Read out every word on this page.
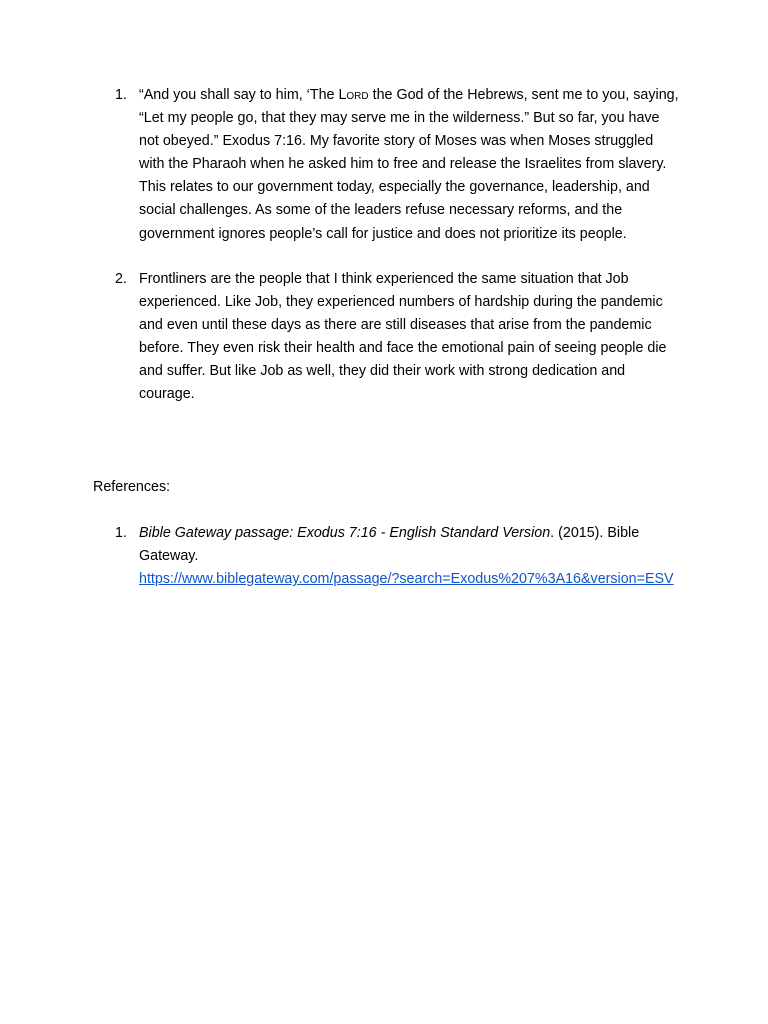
1. “And you shall say to him, ‘The Lord the God of the Hebrews, sent me to you, saying, “Let my people go, that they may serve me in the wilderness.” But so far, you have not obeyed.” Exodus 7:16. My favorite story of Moses was when Moses struggled with the Pharaoh when he asked him to free and release the Israelites from slavery. This relates to our government today, especially the governance, leadership, and social challenges. As some of the leaders refuse necessary reforms, and the government ignores people’s call for justice and does not prioritize its people.
2. Frontliners are the people that I think experienced the same situation that Job experienced. Like Job, they experienced numbers of hardship during the pandemic and even until these days as there are still diseases that arise from the pandemic before. They even risk their health and face the emotional pain of seeing people die and suffer. But like Job as well, they did their work with strong dedication and courage.
References:
1. Bible Gateway passage: Exodus 7:16 - English Standard Version. (2015). Bible Gateway.
https://www.biblegateway.com/passage/?search=Exodus%207%3A16&version=ESV
